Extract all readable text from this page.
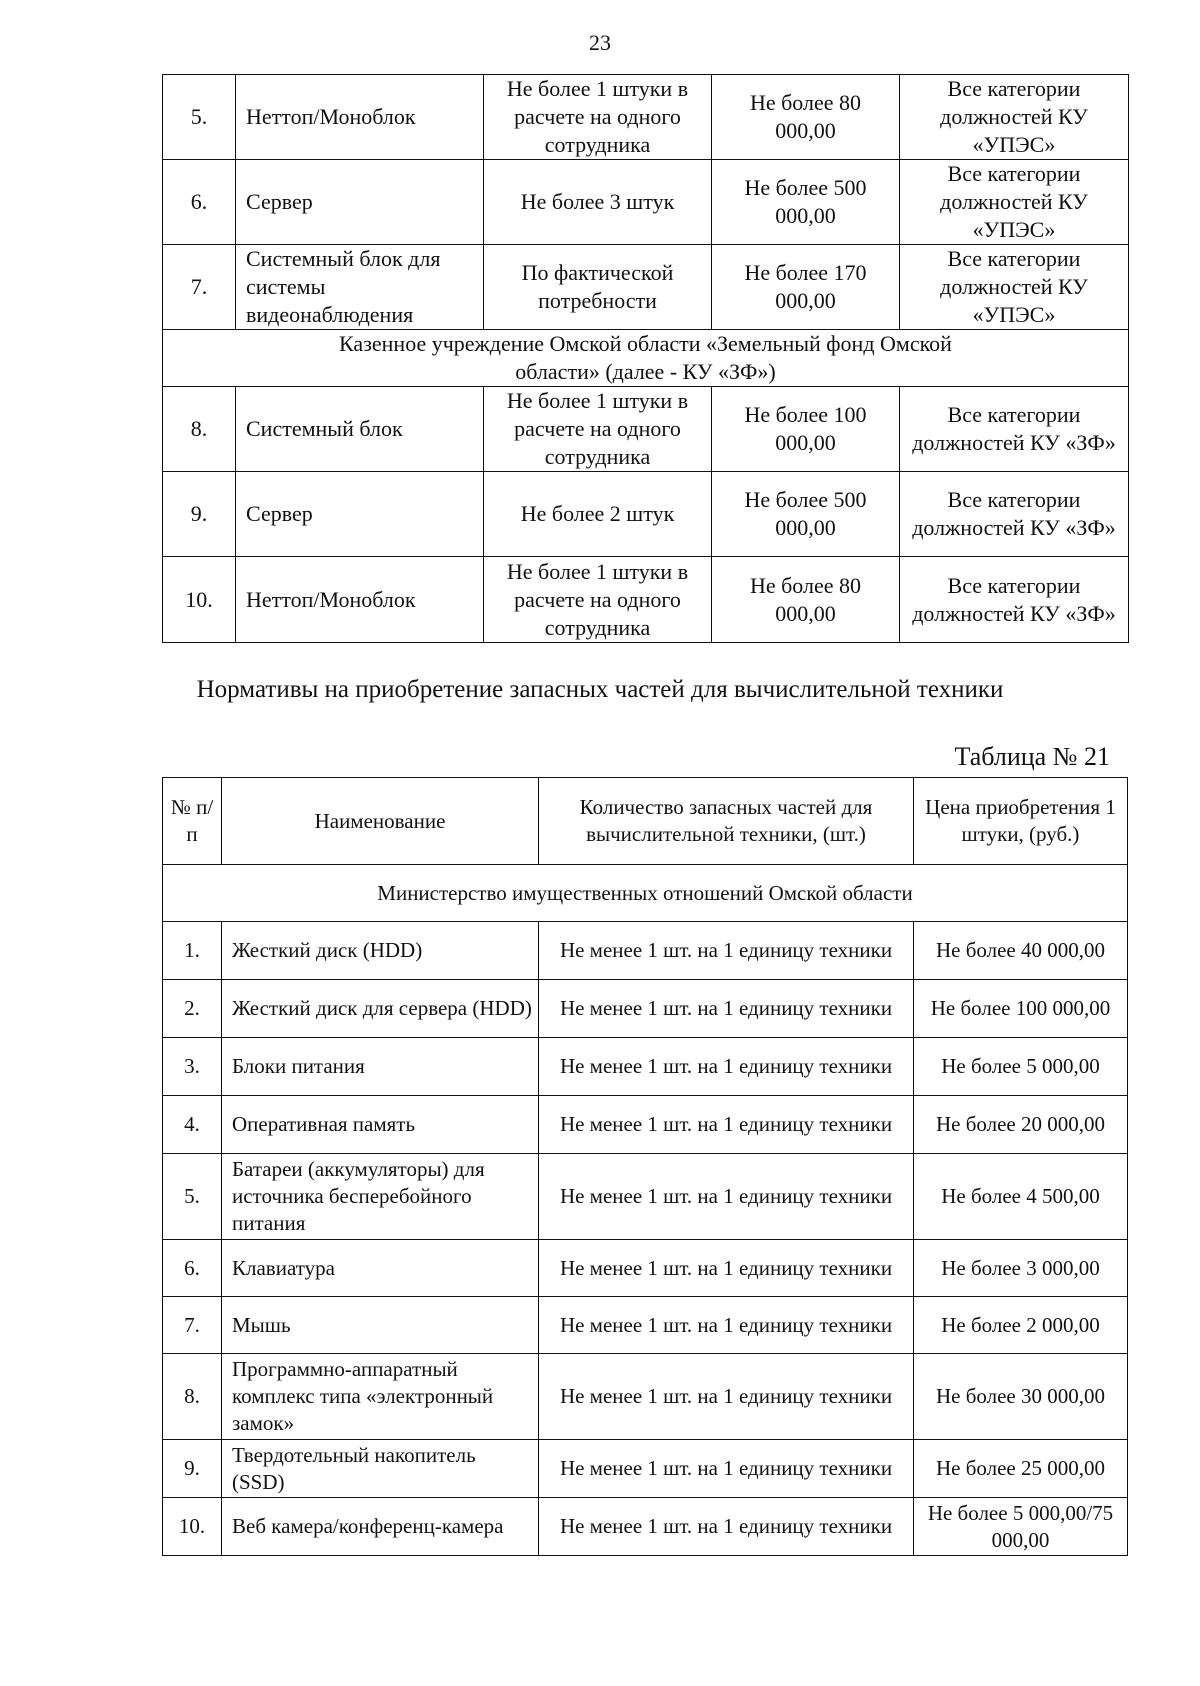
23
5.	Неттоп/Моноблок	Не более 1 штуки в расчете на одного сотрудника	Не более 80 000,00	Все категории должностей КУ «УПЭС»
6.	Сервер	Не более 3 штук	Не более 500 000,00	Все категории должностей КУ «УПЭС»
7.	Системный блок для системы видеонаблюдения	По фактической потребности	Не более 170 000,00	Все категории должностей КУ «УПЭС»
Казенное учреждение Омской области «Земельный фонд Омской области» (далее - КУ «ЗФ»)				
8.	Системный блок	Не более 1 штуки в расчете на одного сотрудника	Не более 100 000,00	Все категории должностей КУ «ЗФ»
9.	Сервер	Не более 2 штук	Не более 500 000,00	Все категории должностей КУ «ЗФ»
10.	Неттоп/Моноблок	Не более 1 штуки в расчете на одного сотрудника	Не более 80 000,00	Все категории должностей КУ «ЗФ»
Нормативы на приобретение запасных частей для вычислительной техники
Таблица № 21
№ п/п	Наименование	Количество запасных частей для вычислительной техники, (шт.)	Цена приобретения 1 штуки, (руб.)
Министерство имущественных отношений Омской области			
1.	Жесткий диск (HDD)	Не менее 1 шт. на 1 единицу техники	Не более 40 000,00
2.	Жесткий диск для сервера (HDD)	Не менее 1 шт. на 1 единицу техники	Не более 100 000,00
3.	Блоки питания	Не менее 1 шт. на 1 единицу техники	Не более 5 000,00
4.	Оперативная память	Не менее 1 шт. на 1 единицу техники	Не более 20 000,00
5.	Батареи (аккумуляторы) для источника бесперебойного питания	Не менее 1 шт. на 1 единицу техники	Не более 4 500,00
6.	Клавиатура	Не менее 1 шт. на 1 единицу техники	Не более 3 000,00
7.	Мышь	Не менее 1 шт. на 1 единицу техники	Не более 2 000,00
8.	Программно-аппаратный комплекс типа «электронный замок»	Не менее 1 шт. на 1 единицу техники	Не более 30 000,00
9.	Твердотельный накопитель (SSD)	Не менее 1 шт. на 1 единицу техники	Не более 25 000,00
10.	Веб камера/конференц-камера	Не менее 1 шт. на 1 единицу техники	Не более 5 000,00/75 000,00
